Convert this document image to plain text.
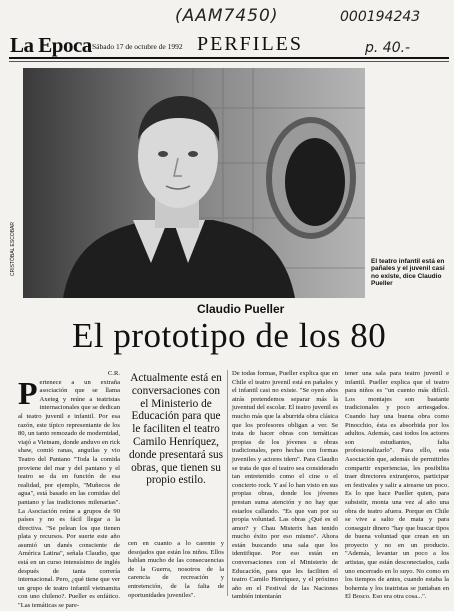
(AAM7450)	000194243
p. 40.-
La Epoca Sábado 17 de octubre de 1992 PERFILES
CRISTÓBAL ESCOBAR	El teatro infantil está en pañales y el juvenil casi no existe, dice Claudio Pueller
Claudio Pueller
El prototipo de los 80
C.R.
P ertenece a un extraña asociación que se llama Axeteg y reúne a teatristas internacionales que se dedican al teatro juvenil e infantil. Por esa razón, este típico representante de los 80, un tanto remozado de modernidad, viajó a Vietnam, donde anduvo en rick shaw, comió ranas, anguilas y vio Teatro del Pantano "Toda la comida proviene del mar y del pantano y el teatro se da en función de esa realidad, por ejemplo, "Muñecos de agua", está basado en las comidas del pantano y las tradiciones milenarias". La Asociación reúne a grupos de 90 países y no es fácil llegar a la directiva. "Se pelean los que tienen plata y recursos. Por suerte este año asumió un danés consciente de América Latina", señala Claudio, que está en un curso intensísimo de inglés después de tanta correría internacional. Pero, ¿qué tiene que ver un grupo de teatro infantil vietnamita con uno chileno?. Pueller es enfático. "Las temáticas se pare-
Actualmente está en conversaciones con el Ministerio de Educación para que le faciliten el teatro Camilo Henríquez, donde presentará sus obras, que tienen su propio estilo.
cen en cuanto a lo carente y desojados que están los niños. Ellos hablan mucho de las consecuencias de la Guerra, nosotros de la carencia de recreación y entretención, de la falta de oportunidades juveniles".
De todas formas, Pueller explica que en Chile el teatro juvenil está en pañales y el infantil casi no existe. "Se oyen años atrás pretendemos separar más la juventud del escolar. El teatro juvenil es mucho más que la aburrida obra clásica que los profesores obligan a ver. Se trata de hacer obras con temáticas propias de los jóvenes u obras tradicionales, pero hechas con formas juveniles y actores idem". Para Claudio se trata de que el teatro sea considerado tan entretenido como el cine o el concierto rock. Y así lo han visto en sus propias obras, donde los jóvenes prestan suma atención y no hay que estarlos callando. "Es que van por su propia voluntad. Las obras ¿Qué es el amor? y Chau Misterix han tenido mucho éxito por eso mismo". Ahora están buscando una sala que los identifique. Por eso están en conversaciones con el Ministerio de Educación, para que les faciliten el teatro Camilo Henríquez, y el próximo año en el Festival de las Naciones también intentarán
tener una sala para teatro juvenil e infantil. Pueller explica que el teatro para niños es "un cuento más difícil. Los montajes son bastante tradicionales y poco arriesgados. Cuando hay una buena obra como Pinocchio, ésta es absorbida por los adultos. Además, casi todos los actores son estudiantes, falta profesionalizarlo". Para ello, esta Asociación que, además de permitirles compartir experiencias, les posibilita traer directores extranjeros, participar en festivales y salir a airearse un poco. Es lo que hace Pueller quien, para subsistir, monta una vez al año una obra de teatro afuera. Porque en Chile se vive a salto de mata y para conseguir dinero "hay que buscar tipos de buena voluntad que crean en un proyecto y no en un producto. "Además, levantar un poco a los artistas, que están desconectados, cada uno encerrado en lo suyo. No como en los tiempos de antes, cuando estaba la bohemia y los teatristas se juntaban en El Bosco. Eso era otra cosa...".
